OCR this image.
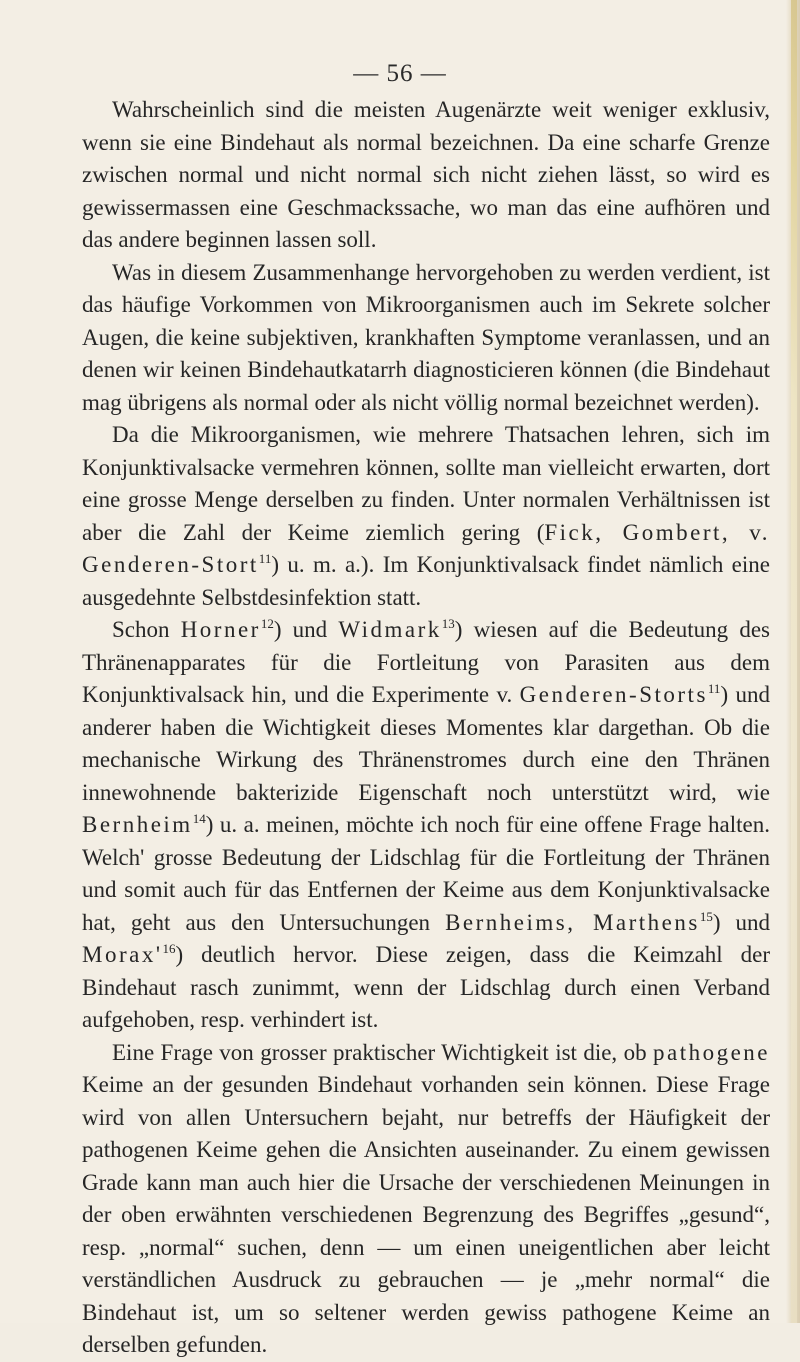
— 56 —

Wahrscheinlich sind die meisten Augenärzte weit weniger exklusiv, wenn sie eine Bindehaut als normal bezeichnen. Da eine scharfe Grenze zwischen normal und nicht normal sich nicht ziehen lässt, so wird es gewissermassen eine Geschmackssache, wo man das eine aufhören und das andere beginnen lassen soll.

Was in diesem Zusammenhange hervorgehoben zu werden verdient, ist das häufige Vorkommen von Mikroorganismen auch im Sekrete solcher Augen, die keine subjektiven, krankhaften Symptome veranlassen, und an denen wir keinen Bindehautkatarrh diagnosticieren können (die Bindehaut mag übrigens als normal oder als nicht völlig normal bezeichnet werden).

Da die Mikroorganismen, wie mehrere Thatsachen lehren, sich im Konjunktivalsacke vermehren können, sollte man vielleicht erwarten, dort eine grosse Menge derselben zu finden. Unter normalen Verhältnissen ist aber die Zahl der Keime ziemlich gering (Fick, Gombert, v. Genderen-Stort$^{11}$) u. m. a.). Im Konjunktivalsack findet nämlich eine ausgedehnte Selbstdesinfektion statt.

Schon Horner$^{12}$) und Widmark$^{13}$) wiesen auf die Bedeutung des Thränenapparates für die Fortleitung von Parasiten aus dem Konjunktivalsack hin, und die Experimente v. Genderen-Storts$^{11}$) und anderer haben die Wichtigkeit dieses Momentes klar dargethan. Ob die mechanische Wirkung des Thränenstromes durch eine den Thränen innewohnende bakterizide Eigenschaft noch unterstützt wird, wie Bernheim$^{14}$) u. a. meinen, möchte ich noch für eine offene Frage halten. Welch' grosse Bedeutung der Lidschlag für die Fortleitung der Thränen und somit auch für das Entfernen der Keime aus dem Konjunktivalsacke hat, geht aus den Untersuchungen Bernheims, Marthens$^{15}$) und $Morax'^{16}$) deutlich hervor. Diese zeigen, dass die Keimzahl der Bindehaut rasch zunimmt, wenn der Lidschlag durch einen Verband aufgehoben, resp. verhindert ist.

Eine Frage von grosser praktischer Wichtigkeit ist die, ob pathogene Keime an der gesunden Bindehaut vorhanden sein können. Diese Frage wird von allen Untersuchern bejaht, nur betreffs der Häufigkeit der pathogenen Keime gehen die Ansichten auseinander. Zu einem gewissen Grade kann man auch hier die Ursache der verschiedenen Meinungen in der oben erwähnten verschiedenen Begrenzung des Begriffes „gesund“, resp. „normal“ suchen, denn — um einen uneigentlichen aber leicht verständlichen Ausdruck zu gebrauchen — je „mehr normal“ die Bindehaut ist, um so seltener werden gewiss pathogene Keime an derselben gefunden.
